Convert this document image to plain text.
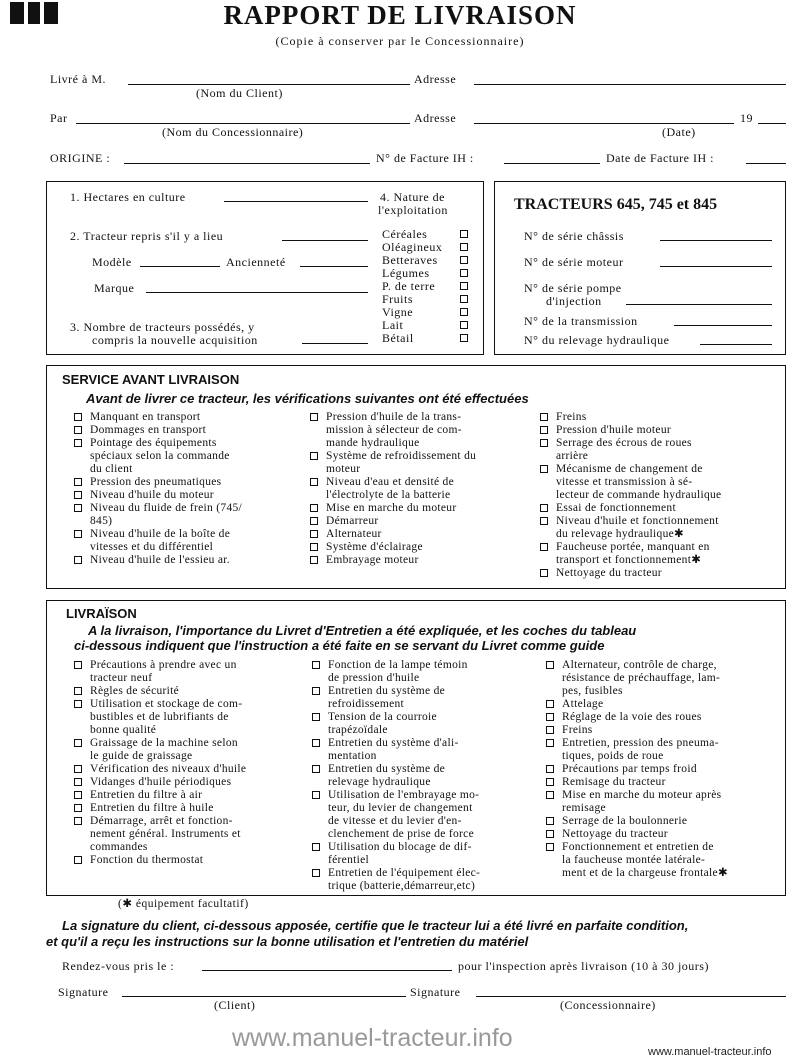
RAPPORT DE LIVRAISON
(Copie à conserver par le Concessionnaire)
Livré à M.	Adresse
(Nom du Client)
Par	Adresse	19
(Nom du Concessionnaire)	(Date)
ORIGINE :	N° de Facture IH :	Date de Facture IH :
1. Hectares en culture	4. Nature de
l'exploitation
2. Tracteur repris s'il y a lieu
Modèle	Ancienneté
Marque
3. Nombre de tracteurs possédés, y
compris la nouvelle acquisition
Céréales
Oléagineux
Betteraves
Légumes
P. de terre
Fruits
Vigne
Lait
Bétail
TRACTEURS 645, 745 et 845
N° de série châssis
N° de série moteur
N° de série pompe
d'injection
N° de la transmission
N° du relevage hydraulique
SERVICE AVANT LIVRAISON
Avant de livrer ce tracteur, les vérifications suivantes ont été effectuées
Manquant en transport
Dommages en transport
Pointage des équipements
spéciaux selon la commande
du client
Pression des pneumatiques
Niveau d'huile du moteur
Niveau du fluide de frein (745/
845)
Niveau d'huile de la boîte de
vitesses et du différentiel
Niveau d'huile de l'essieu ar.
Pression d'huile de la trans-
mission à sélecteur de com-
mande hydraulique
Système de refroidissement du
moteur
Niveau d'eau et densité de
l'électrolyte de la batterie
Mise en marche du moteur
Démarreur
Alternateur
Système d'éclairage
Embrayage moteur
Freins
Pression d'huile moteur
Serrage des écrous de roues
arrière
Mécanisme de changement de
vitesse et transmission à sé-
lecteur de commande hydraulique
Essai de fonctionnement
Niveau d'huile et fonctionnement
du relevage hydraulique✱
Faucheuse portée, manquant en
transport et fonctionnement✱
Nettoyage du tracteur
LIVRAÏSON
A la livraison, l'importance du Livret d'Entretien a été expliquée, et les coches du tableau
ci-dessous indiquent que l'instruction a été faite en se servant du Livret comme guide
Précautions à prendre avec un
tracteur neuf
Règles de sécurité
Utilisation et stockage de com-
bustibles et de lubrifiants de
bonne qualité
Graissage de la machine selon
le guide de graissage
Vérification des niveaux d'huile
Vidanges d'huile périodiques
Entretien du filtre à air
Entretien du filtre à huile
Démarrage, arrêt et fonction-
nement général. Instruments et
commandes
Fonction du thermostat
Fonction de la lampe témoin
de pression d'huile
Entretien du système de
refroidissement
Tension de la courroie
trapézoïdale
Entretien du système d'ali-
mentation
Entretien du système de
relevage hydraulique
Utilisation de l'embrayage mo-
teur, du levier de changement
de vitesse et du levier d'en-
clenchement de prise de force
Utilisation du blocage de dif-
férentiel
Entretien de l'équipement élec-
trique (batterie,démarreur,etc)
Alternateur, contrôle de charge,
résistance de préchauffage, lam-
pes, fusibles
Attelage
Réglage de la voie des roues
Freins
Entretien, pression des pneuma-
tiques, poids de roue
Précautions par temps froid
Remisage du tracteur
Mise en marche du moteur après
remisage
Serrage de la boulonnerie
Nettoyage du tracteur
Fonctionnement et entretien de
la faucheuse montée latérale-
ment et de la chargeuse frontale✱
(✱ équipement facultatif)
La signature du client, ci-dessous apposée, certifie que le tracteur lui a été livré en parfaite condition,
et qu'il a reçu les instructions sur la bonne utilisation et l'entretien du matériel
Rendez-vous pris le :	pour l'inspection après livraison (10 à 30 jours)
Signature	Signature
(Client)	(Concessionnaire)
www.manuel-tracteur.info	www.manuel-tracteur.info
